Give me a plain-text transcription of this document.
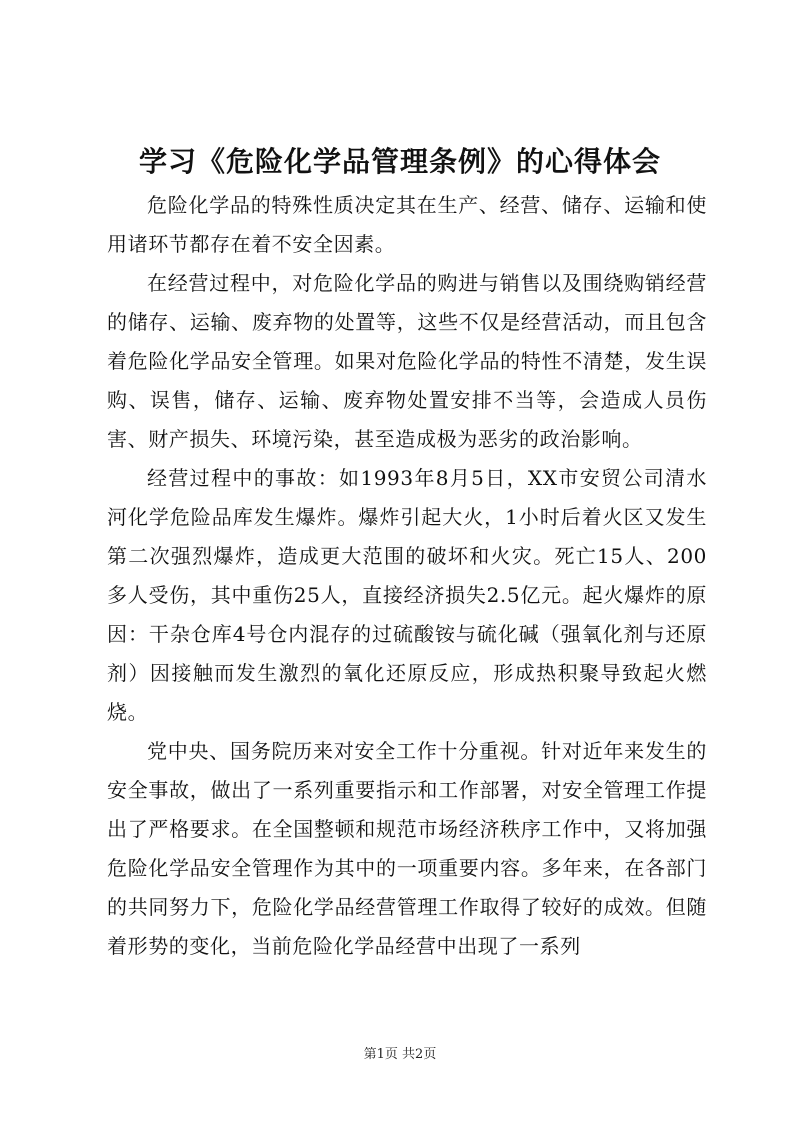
学习《危险化学品管理条例》的心得体会

危险化学品的特殊性质决定其在生产、经营、储存、运输和使用诸环节都存在着不安全因素。

在经营过程中，对危险化学品的购进与销售以及围绕购销经营的储存、运输、废弃物的处置等，这些不仅是经营活动，而且包含着危险化学品安全管理。如果对危险化学品的特性不清楚，发生误购、误售，储存、运输、废弃物处置安排不当等，会造成人员伤害、财产损失、环境污染，甚至造成极为恶劣的政治影响。

经营过程中的事故：如1993年8月5日，XX市安贸公司清水河化学危险品库发生爆炸。爆炸引起大火，1小时后着火区又发生第二次强烈爆炸，造成更大范围的破坏和火灾。死亡15人、200多人受伤，其中重伤25人，直接经济损失2.5亿元。起火爆炸的原因：干杂仓库4号仓内混存的过硫酸铵与硫化碱（强氧化剂与还原剂）因接触而发生激烈的氧化还原反应，形成热积聚导致起火燃烧。

党中央、国务院历来对安全工作十分重视。针对近年来发生的安全事故，做出了一系列重要指示和工作部署，对安全管理工作提出了严格要求。在全国整顿和规范市场经济秩序工作中，又将加强危险化学品安全管理作为其中的一项重要内容。多年来，在各部门的共同努力下，危险化学品经营管理工作取得了较好的成效。但随着形势的变化，当前危险化学品经营中出现了一系列

第1页 共2页
